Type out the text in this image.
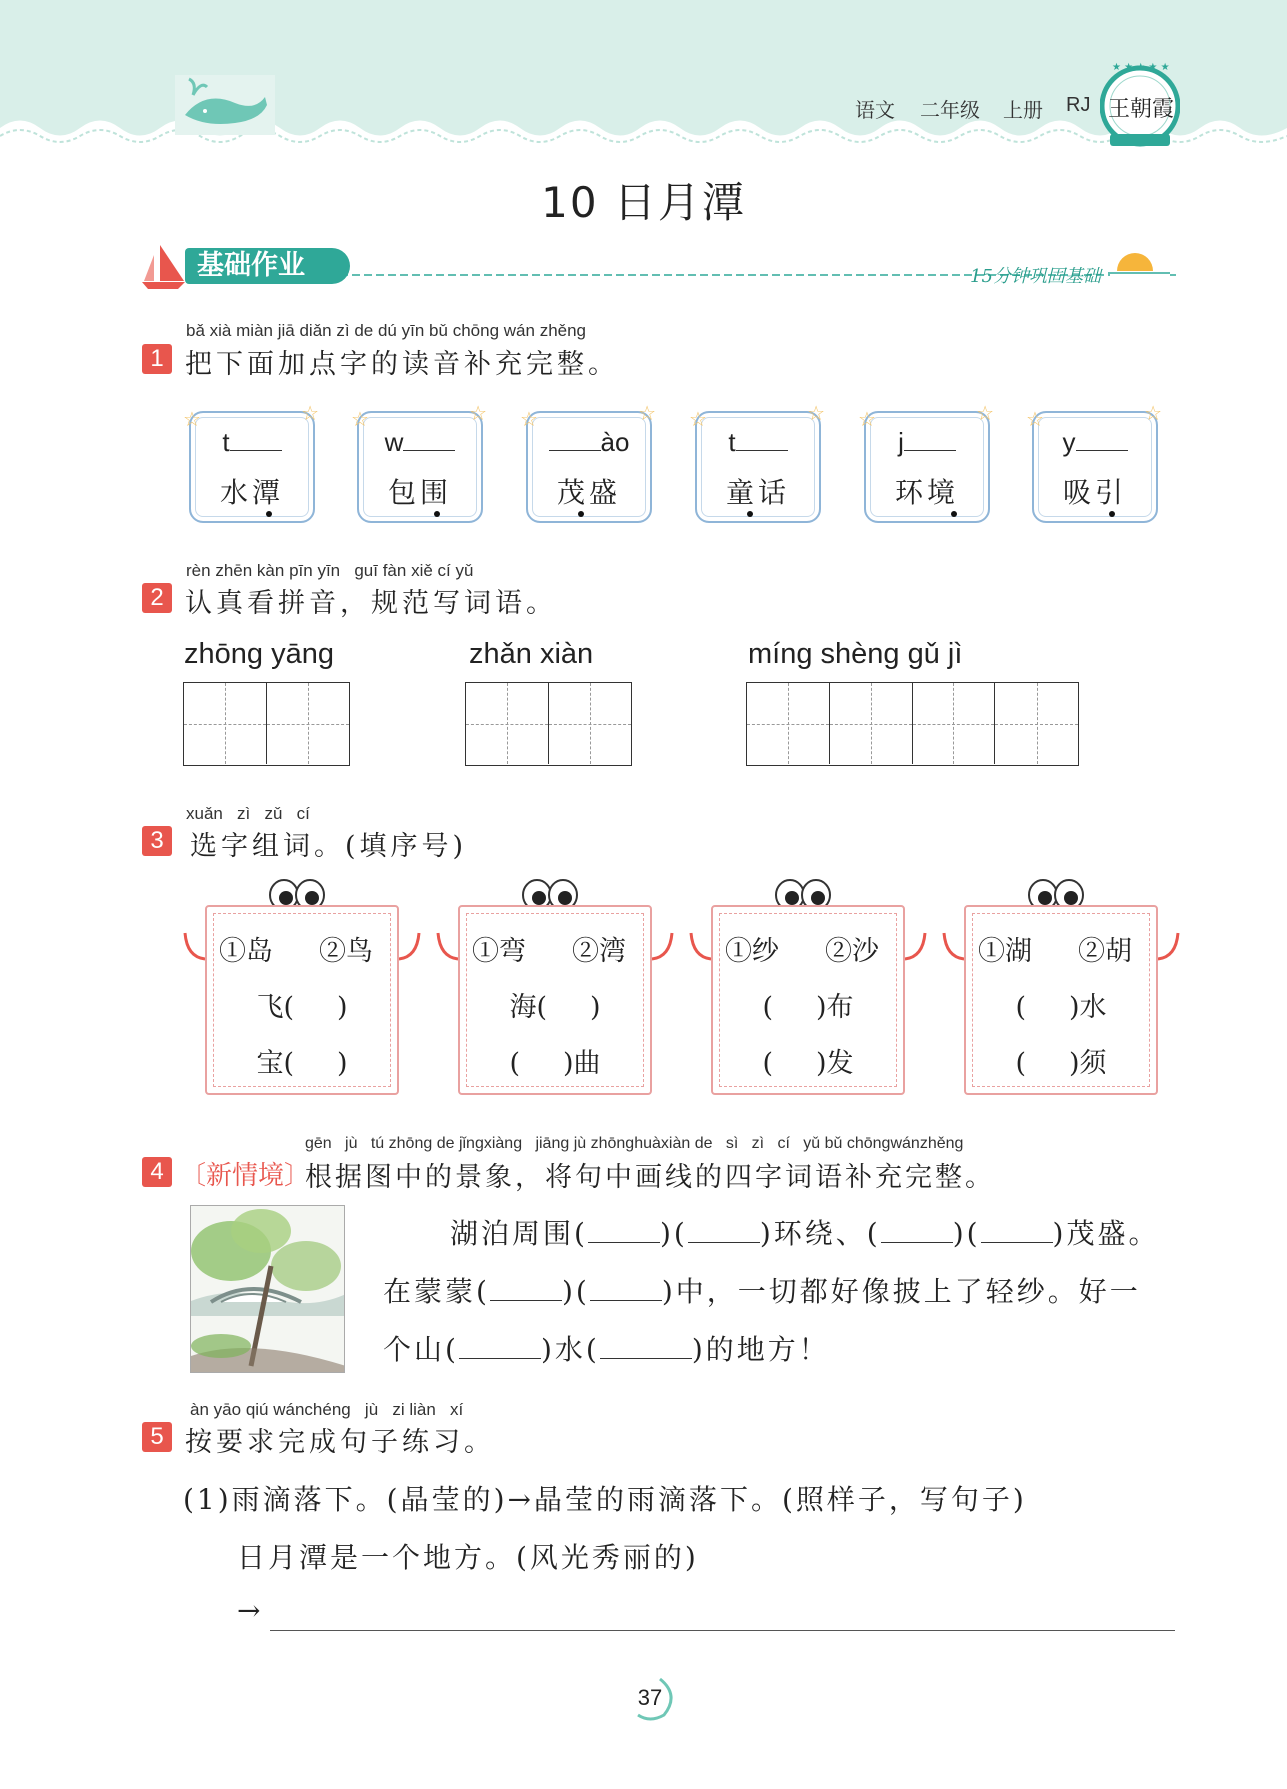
语文 二年级 上册 RJ
★ ★ ★ ★ ★
王朝霞
10 日月潭
基础作业	15分钟巩固基础
bǎ xià miàn jiā diǎn zì de dú yīn bǔ chōng wán zhěng
1 把下面加点字的读音补充完整。
☆	☆
t
水潭
☆	☆
w
包围
☆	☆
ào
茂盛
☆	☆
t
童话
☆	☆
j
环境
☆	☆
y
吸引
rèn zhēn kàn pīn yīn guī fàn xiě cí yǔ
2 认真看拼音，规范写词语。
zhōng yāng	zhǎn xiàn	míng shèng gǔ jì
xuǎn zì zǔ cí
3 选字组词。(填序号)
①岛 ②鸟
飞(     )
宝(     )
①弯 ②湾
海(     )
(     )曲
①纱 ②沙
(     )布
(     )发
①湖 ②胡
(     )水
(     )须
gēn jù tú zhōng de jǐngxiàng jiāng jù zhōnghuàxiàn de sì zì cí yǔ bǔ chōngwánzhěng
4 〔新情境〕
根据图中的景象，将句中画线的四字词语补充完整。
湖泊周围(	)(	)环绕、(	)(	)茂盛。
在蒙蒙(	)(	)中，一切都好像披上了轻纱。好一
个山(	)水(	)的地方！
àn yāo qiú wánchéng jù zi liàn xí
5 按要求完成句子练习。
(1)雨滴落下。(晶莹的)→晶莹的雨滴落下。(照样子，写句子)
日月潭是一个地方。(风光秀丽的)
→
37
